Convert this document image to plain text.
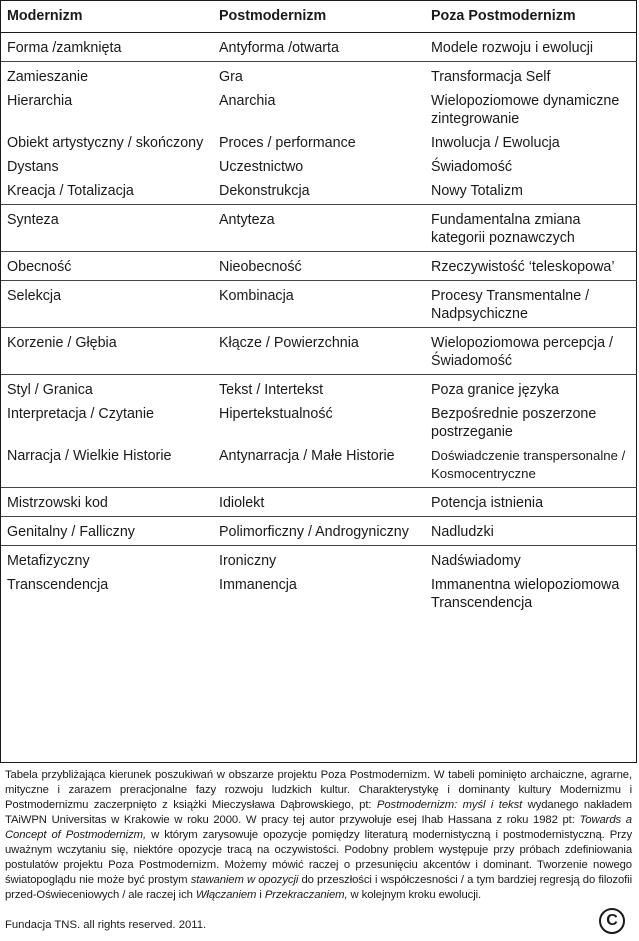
Modernizm	Postmodernizm	Poza Postmodernizm
Forma /zamknięta	Antyforma /otwarta	Modele rozwoju i ewolucji
Zamieszanie	Gra	Transformacja Self
Hierarchia	Anarchia	Wielopoziomowe dynamiczne zintegrowanie
Obiekt artystyczny / skończony	Proces / performance	Inwolucja / Ewolucja
Dystans	Uczestnictwo	Świadomość
Kreacja / Totalizacja	Dekonstrukcja	Nowy Totalizm
Synteza	Antyteza	Fundamentalna zmiana kategorii poznawczych
Obecność	Nieobecność	Rzeczywistość ‘teleskopowa’
Selekcja	Kombinacja	Procesy Transmentalne / Nadpsychiczne
Korzenie / Głębia	Kłącze / Powierzchnia	Wielopoziomowa percepcja / Świadomość
Styl / Granica	Tekst / Intertekst	Poza granice języka
Interpretacja / Czytanie	Hipertekstualność	Bezpośrednie poszerzone postrzeganie
Narracja / Wielkie Historie	Antynarracja / Małe Historie	Doświadczenie transpersonalne / Kosmocentryczne
Mistrzowski kod	Idiolekt	Potencja istnienia
Genitalny / Falliczny	Polimorficzny / Androgyniczny	Nadludzki
Metafizyczny	Ironiczny	Nadświadomy
Transcendencja	Immanencja	Immanentna wielopoziomowa Transcendencja

Tabela przybliżająca kierunek poszukiwań w obszarze projektu Poza Postmodernizm. W tabeli pominięto archaiczne, agrarne, mityczne i zarazem preracjonalne fazy rozwoju ludzkich kultur. Charakterystykę i dominanty kultury Modernizmu i Postmodernizmu zaczerpnięto z książki Mieczysława Dąbrowskiego, pt: Postmodernizm: myśl i tekst wydanego nakładem TAiWPN Universitas w Krakowie w roku 2000. W pracy tej autor przywołuje esej Ihab Hassana z roku 1982 pt: Towards a Concept of Postmodernizm, w którym zarysowuje opozycje pomiędzy literaturą modernistyczną i postmodernistyczną. Przy uważnym wczytaniu się, niektóre opozycje tracą na oczywistości. Podobny problem występuje przy próbach zdefiniowania postulatów projektu Poza Postmodernizm. Możemy mówić raczej o przesunięciu akcentów i dominant. Tworzenie nowego światopoglądu nie może być prostym stawaniem w opozycji do przeszłości i współczesności / a tym bardziej regresją do filozofii przed-Oświeceniowych / ale raczej ich Włączaniem i Przekraczaniem, w kolejnym kroku ewolucji.

Fundacja TNS. all rights reserved. 2011.	C
